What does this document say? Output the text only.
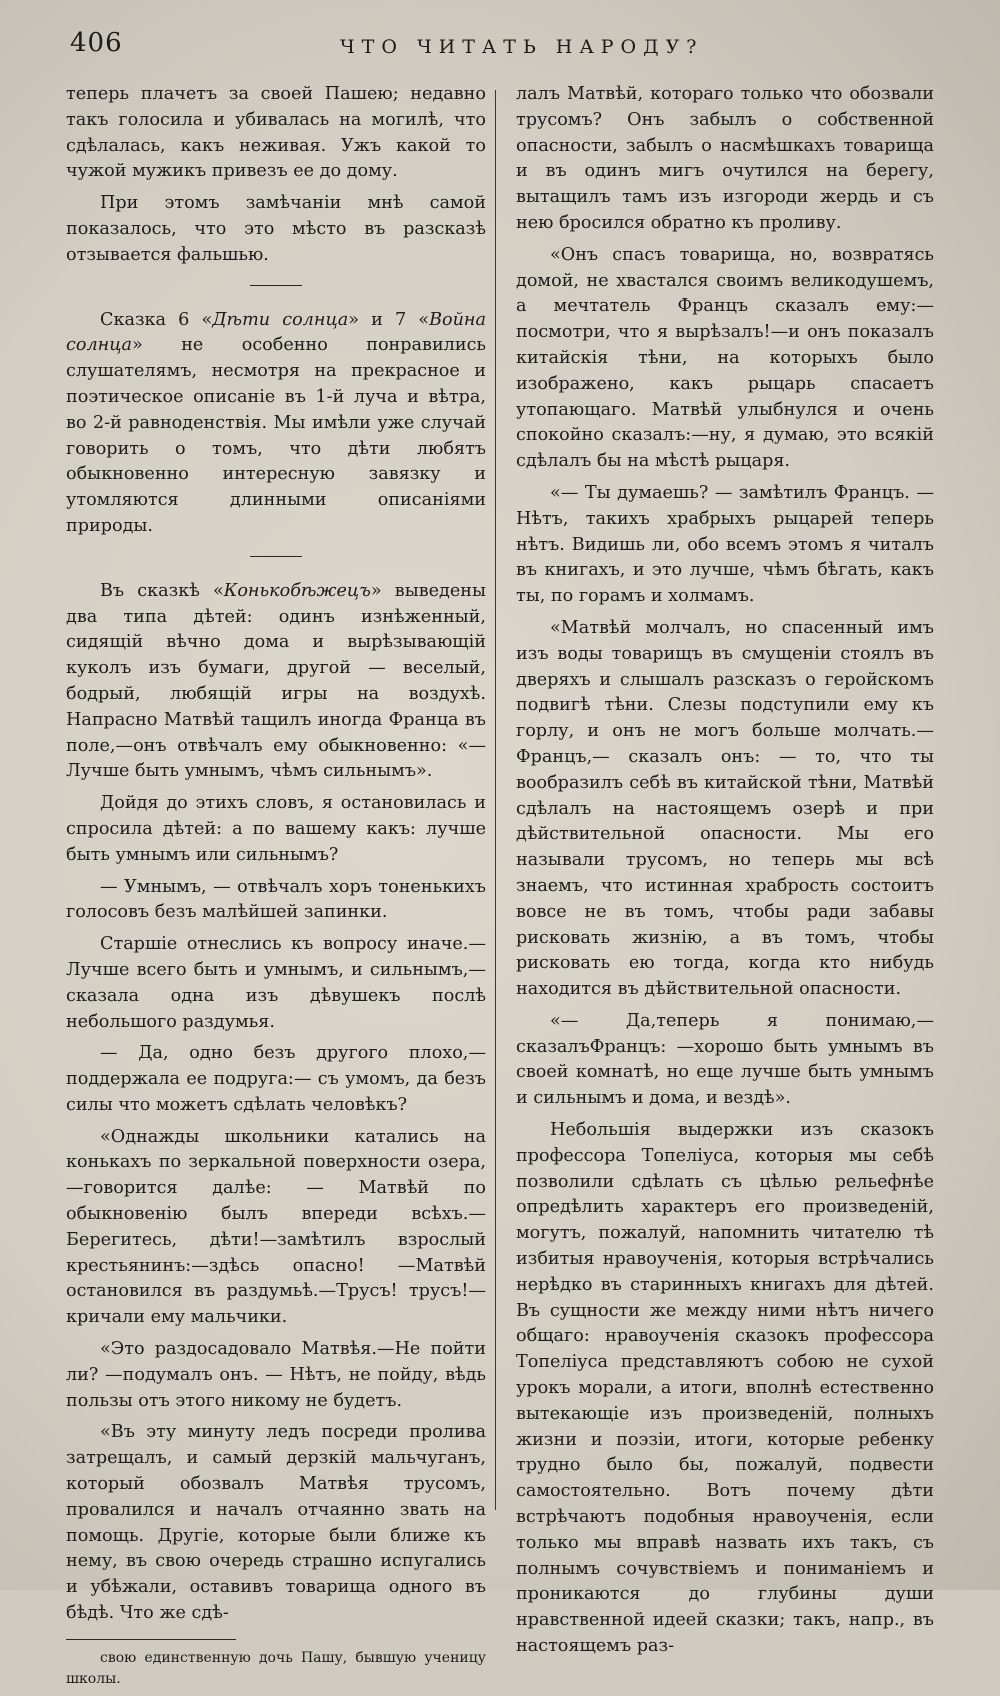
406	ЧТО ЧИТАТЬ НАРОДУ?

теперь плачетъ за своей Пашею; недавно такъ голосила и убивалась на могилѣ, что сдѣлалась, какъ неживая. Ужъ какой то чужой мужикъ привезъ ее до дому.

При этомъ замѣчаніи мнѣ самой показалось, что это мѣсто въ разсказѣ отзывается фальшью.

Сказка 6 «Дѣти солнца» и 7 «Война солнца» не особенно понравились слушателямъ, несмотря на прекрасное и поэтическое описаніе въ 1-й луча и вѣтра, во 2-й равноденствія. Мы имѣли уже случай говорить о томъ, что дѣти любятъ обыкновенно интересную завязку и утомляются длинными описаніями природы.

Въ сказкѣ «Конькобѣжецъ» выведены два типа дѣтей: одинъ изнѣженный, сидящій вѣчно дома и вырѣзывающій куколъ изъ бумаги, другой — веселый, бодрый, любящій игры на воздухѣ. Напрасно Матвѣй тащилъ иногда Франца въ поле,—онъ отвѣчалъ ему обыкновенно: «—Лучше быть умнымъ, чѣмъ сильнымъ».

Дойдя до этихъ словъ, я остановилась и спросила дѣтей: а по вашему какъ: лучше быть умнымъ или сильнымъ?

— Умнымъ, — отвѣчалъ хоръ тоненькихъ голосовъ безъ малѣйшей запинки.

Старшіе отнеслись къ вопросу иначе.— Лучше всего быть и умнымъ, и сильнымъ,— сказала одна изъ дѣвушекъ послѣ небольшого раздумья.

— Да, одно безъ другого плохо,—поддержала ее подруга:— съ умомъ, да безъ силы что можетъ сдѣлать человѣкъ?

«Однажды школьники катались на конькахъ по зеркальной поверхности озера,—говорится далѣе: — Матвѣй по обыкновенію былъ впереди всѣхъ.—Берегитесь, дѣти!—замѣтилъ взрослый крестьянинъ:—здѣсь опасно! —Матвѣй остановился въ раздумьѣ.—Трусъ! трусъ!—кричали ему мальчики.

«Это раздосадовало Матвѣя.—Не пойти ли? —подумалъ онъ. — Нѣтъ, не пойду, вѣдь пользы отъ этого никому не будетъ.

«Въ эту минуту ледъ посреди пролива затрещалъ, и самый дерзкій мальчуганъ, который обозвалъ Матвѣя трусомъ, провалился и началъ отчаянно звать на помощь. Другіе, которые были ближе къ нему, въ свою очередь страшно испугались и убѣжали, оставивъ товарища одного въ бѣдѣ. Что же сдѣ-

свою единственную дочь Пашу, бывшую ученицу школы.

лалъ Матвѣй, котораго только что обозвали трусомъ? Онъ забылъ о собственной опасности, забылъ о насмѣшкахъ товарища и въ одинъ мигъ очутился на берегу, вытащилъ тамъ изъ изгороди жердь и съ нею бросился обратно къ проливу.

«Онъ спасъ товарища, но, возвратясь домой, не хвастался своимъ великодушемъ, а мечтатель Францъ сказалъ ему:—посмотри, что я вырѣзалъ!—и онъ показалъ китайскія тѣни, на которыхъ было изображено, какъ рыцарь спасаетъ утопающаго. Матвѣй улыбнулся и очень спокойно сказалъ:—ну, я думаю, это всякій сдѣлалъ бы на мѣстѣ рыцаря.

«— Ты думаешь? — замѣтилъ Францъ. — Нѣтъ, такихъ храбрыхъ рыцарей теперь нѣтъ. Видишь ли, обо всемъ этомъ я читалъ въ книгахъ, и это лучше, чѣмъ бѣгать, какъ ты, по горамъ и холмамъ.

«Матвѣй молчалъ, но спасенный имъ изъ воды товарищъ въ смущеніи стоялъ въ дверяхъ и слышалъ разсказъ о геройскомъ подвигѣ тѣни. Слезы подступили ему къ горлу, и онъ не могъ больше молчать.—Францъ,— сказалъ онъ: — то, что ты вообразилъ себѣ въ китайской тѣни, Матвѣй сдѣлалъ на настоящемъ озерѣ и при дѣйствительной опасности. Мы его называли трусомъ, но теперь мы всѣ знаемъ, что истинная храбрость состоитъ вовсе не въ томъ, чтобы ради забавы рисковать жизнію, а въ томъ, чтобы рисковать ею тогда, когда кто нибудь находится въ дѣйствительной опасности.

«— Да,теперь я понимаю,—сказалъФранцъ: —хорошо быть умнымъ въ своей комнатѣ, но еще лучше быть умнымъ и сильнымъ и дома, и вездѣ».

Небольшія выдержки изъ сказокъ профессора Топеліуса, которыя мы себѣ позволили сдѣлать съ цѣлью рельефнѣе опредѣлить характеръ его произведеній, могутъ, пожалуй, напомнить читателю тѣ избитыя нравоученія, которыя встрѣчались нерѣдко въ старинныхъ книгахъ для дѣтей. Въ сущности же между ними нѣтъ ничего общаго: нравоученія сказокъ профессора Топеліуса представляютъ собою не сухой урокъ морали, а итоги, вполнѣ естественно вытекающіе изъ произведеній, полныхъ жизни и поэзіи, итоги, которые ребенку трудно было бы, пожалуй, подвести самостоятельно. Вотъ почему дѣти встрѣчаютъ подобныя нравоученія, если только мы вправѣ назвать ихъ такъ, съ полнымъ сочувствіемъ и пониманіемъ и проникаются до глубины души нравственной идеей сказки; такъ, напр., въ настоящемъ раз-
